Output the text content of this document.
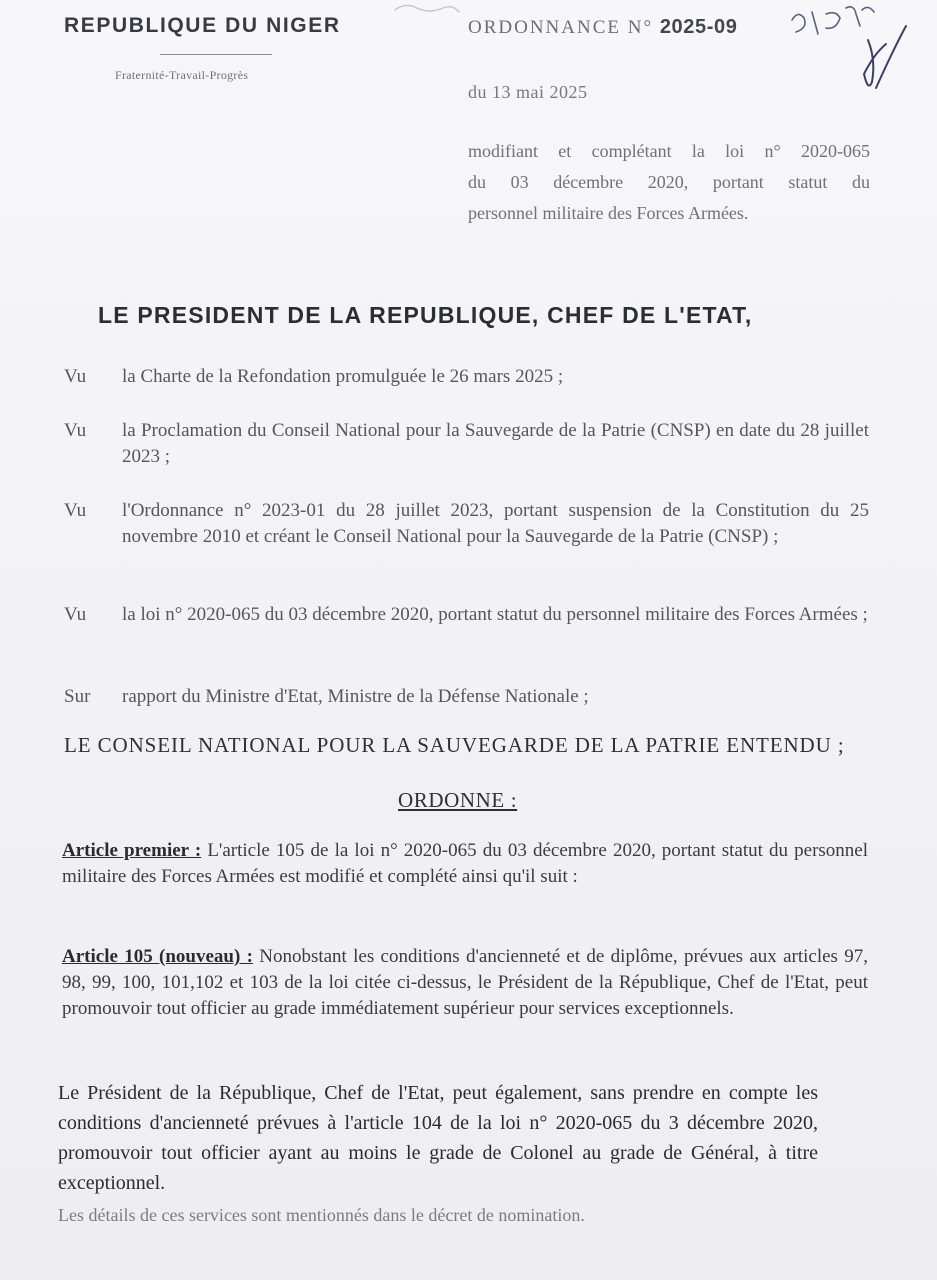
REPUBLIQUE DU NIGER
Fraternité-Travail-Progrès
ORDONNANCE N° 2025-09
du 13 mai 2025
modifiant et complétant la loi n° 2020-065
du 03 décembre 2020, portant statut du
personnel militaire des Forces Armées.
LE PRESIDENT DE LA REPUBLIQUE, CHEF DE L'ETAT,
Vu	la Charte de la Refondation promulguée le 26 mars 2025 ;
Vu	la Proclamation du Conseil National pour la Sauvegarde de la Patrie (CNSP) en date du 28 juillet 2023 ;
Vu	l'Ordonnance n° 2023-01 du 28 juillet 2023, portant suspension de la Constitution du 25 novembre 2010 et créant le Conseil National pour la Sauvegarde de la Patrie (CNSP) ;
Vu	la loi n° 2020-065 du 03 décembre 2020, portant statut du personnel militaire des Forces Armées ;
Sur	rapport du Ministre d'Etat, Ministre de la Défense Nationale ;
LE CONSEIL NATIONAL POUR LA SAUVEGARDE DE LA PATRIE ENTENDU ;
ORDONNE :
Article premier : L'article 105 de la loi n° 2020-065 du 03 décembre 2020, portant statut du personnel militaire des Forces Armées est modifié et complété ainsi qu'il suit :
Article 105 (nouveau) : Nonobstant les conditions d'ancienneté et de diplôme, prévues aux articles 97, 98, 99, 100, 101,102 et 103 de la loi citée ci-dessus, le Président de la République, Chef de l'Etat, peut promouvoir tout officier au grade immédiatement supérieur pour services exceptionnels.
Le Président de la République, Chef de l'Etat, peut également, sans prendre en compte les conditions d'ancienneté prévues à l'article 104 de la loi n° 2020-065 du 3 décembre 2020, promouvoir tout officier ayant au moins le grade de Colonel au grade de Général, à titre exceptionnel.
Les détails de ces services sont mentionnés dans le décret de nomination.
